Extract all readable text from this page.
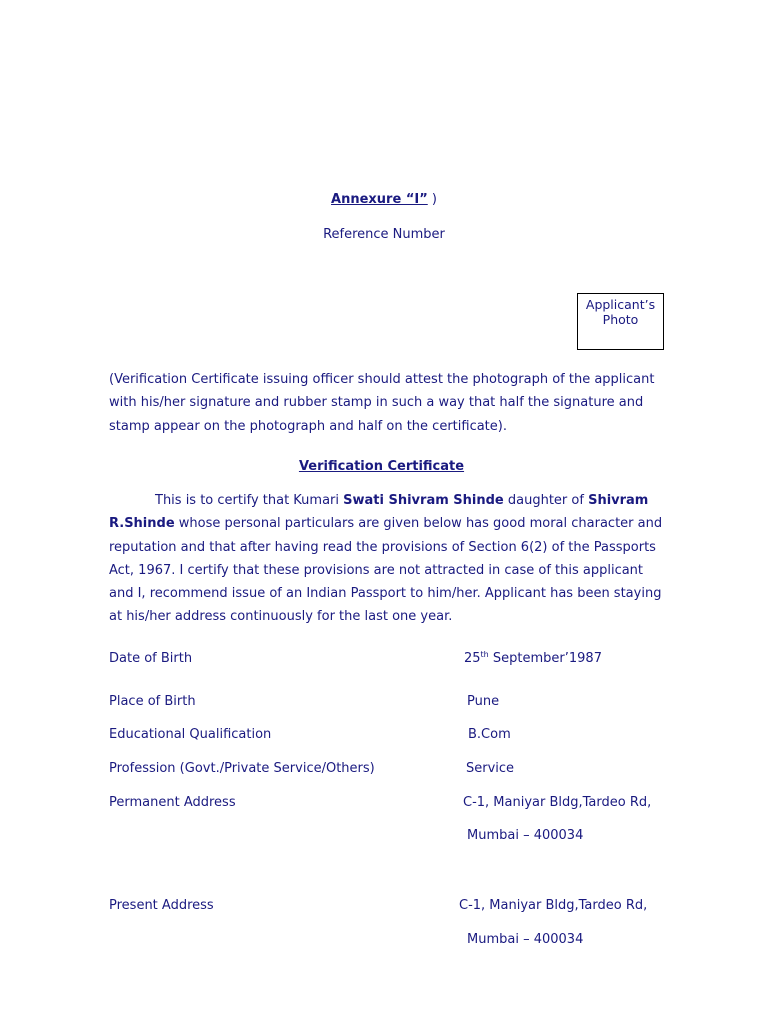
Annexure “I” )
Reference Number
Applicant’s
Photo
(Verification Certificate issuing officer should attest the photograph of the applicant with his/her signature and rubber stamp in such a way that half the signature and stamp appear on the photograph and half on the certificate).
Verification Certificate
This is to certify that Kumari Swati Shivram Shinde daughter of Shivram R.Shinde whose personal particulars are given below has good moral character and reputation and that after having read the provisions of Section 6(2) of the Passports Act, 1967. I certify that these provisions are not attracted in case of this applicant and I, recommend issue of an Indian Passport to him/her. Applicant has been staying at his/her address continuously for the last one year.
Date of Birth	25th September’1987
Place of Birth	Pune
Educational Qualification	B.Com
Profession (Govt./Private Service/Others)	Service
Permanent Address	C-1, Maniyar Bldg,Tardeo Rd,
Mumbai – 400034
Present Address	C-1, Maniyar Bldg,Tardeo Rd,
Mumbai – 400034
